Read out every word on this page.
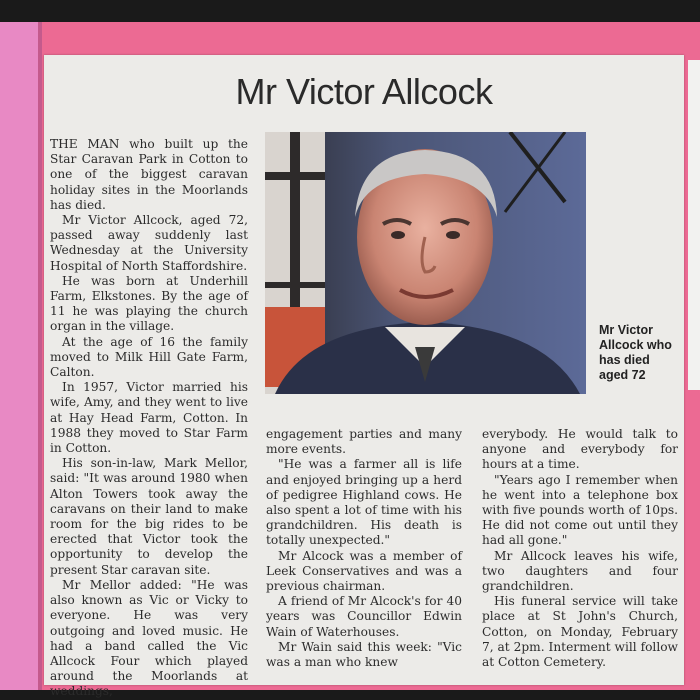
Mr Victor Allcock

THE MAN who built up the Star Caravan Park in Cotton to one of the biggest caravan holiday sites in the Moorlands has died.

Mr Victor Allcock, aged 72, passed away suddenly last Wednesday at the University Hospital of North Staffordshire.

He was born at Underhill Farm, Elkstones. By the age of 11 he was playing the church organ in the village.

At the age of 16 the family moved to Milk Hill Gate Farm, Calton.

In 1957, Victor married his wife, Amy, and they went to live at Hay Head Farm, Cotton. In 1988 they moved to Star Farm in Cotton.

His son-in-law, Mark Mellor, said: "It was around 1980 when Alton Towers took away the caravans on their land to make room for the big rides to be erected that Victor took the opportunity to develop the present Star caravan site.

Mr Mellor added: "He was also known as Vic or Vicky to everyone. He was very outgoing and loved music. He had a band called the Vic Allcock Four which played around the Moorlands at weddings,

Mr Victor Allcock who has died aged 72

engagement parties and many more events.

"He was a farmer all is life and enjoyed bringing up a herd of pedigree Highland cows. He also spent a lot of time with his grandchildren. His death is totally unexpected."

Mr Alcock was a member of Leek Conservatives and was a previous chairman.

A friend of Mr Alcock's for 40 years was Councillor Edwin Wain of Waterhouses.

Mr Wain said this week: "Vic was a man who knew

everybody. He would talk to anyone and everybody for hours at a time.

"Years ago I remember when he went into a telephone box with five pounds worth of 10ps. He did not come out until they had all gone."

Mr Allcock leaves his wife, two daughters and four grandchildren.

His funeral service will take place at St John's Church, Cotton, on Monday, February 7, at 2pm. Interment will follow at Cotton Cemetery.
